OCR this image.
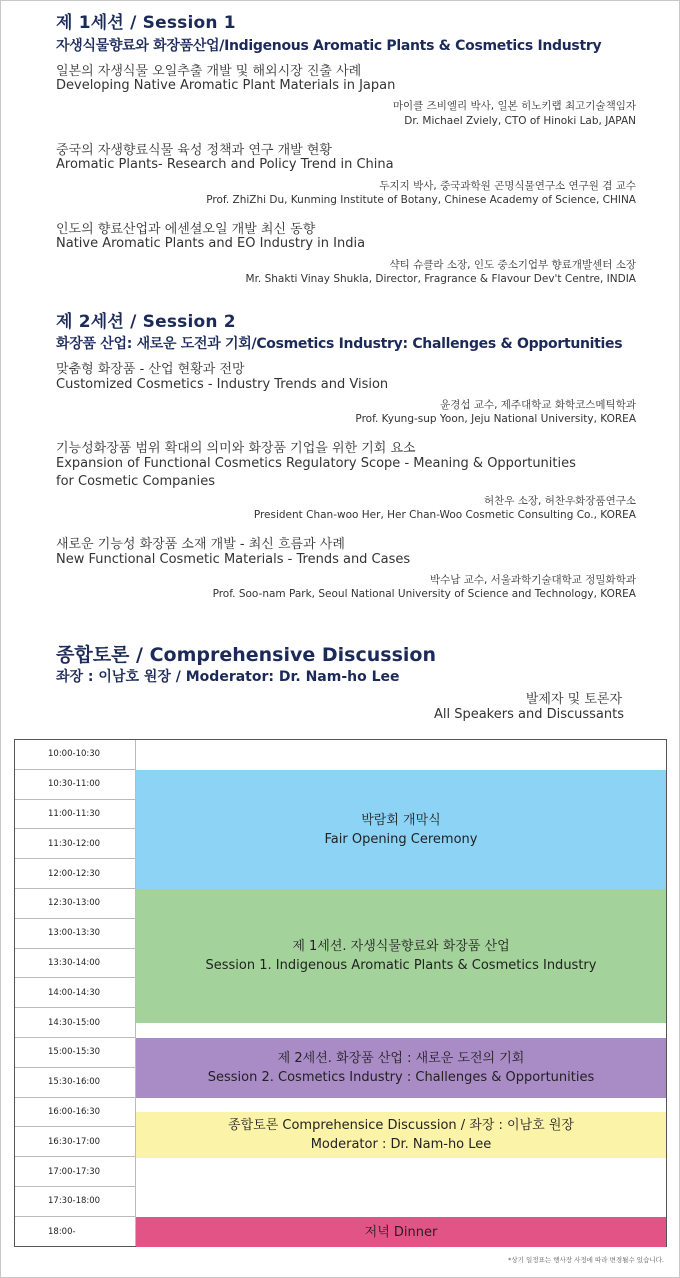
제 1세션 / Session 1
자생식물향료와 화장품산업/Indigenous Aromatic Plants & Cosmetics Industry
일본의 자생식물 오일추출 개발 및 해외시장 진출 사례
Developing Native Aromatic Plant Materials in Japan
마이클 즈비엘리 박사, 일본 히노키랩 최고기술책임자
Dr. Michael Zviely, CTO of Hinoki Lab, JAPAN
중국의 자생향료식물 육성 정책과 연구 개발 현황
Aromatic Plants- Research and Policy Trend in China
두지지 박사, 중국과학원 곤명식물연구소 연구원 겸 교수
Prof. ZhiZhi Du, Kunming Institute of Botany, Chinese Academy of Science, CHINA
인도의 향료산업과 에센셜오일 개발 최신 동향
Native Aromatic Plants and EO Industry in India
샥티 슈클라 소장, 인도 중소기업부 향료개발센터 소장
Mr. Shakti Vinay Shukla, Director, Fragrance & Flavour Dev't Centre, INDIA
제 2세션 / Session 2
화장품 산업: 새로운 도전과 기회/Cosmetics Industry: Challenges & Opportunities
맞춤형 화장품 - 산업 현황과 전망
Customized Cosmetics - Industry Trends and Vision
윤경섭 교수, 제주대학교 화학코스메틱학과
Prof. Kyung-sup Yoon, Jeju National University, KOREA
기능성화장품 범위 확대의 의미와 화장품 기업을 위한 기회 요소
Expansion of Functional Cosmetics Regulatory Scope - Meaning & Opportunities
for Cosmetic Companies
허찬우 소장, 허찬우화장품연구소
President Chan-woo Her, Her Chan-Woo Cosmetic Consulting Co., KOREA
새로운 기능성 화장품 소재 개발 - 최신 흐름과 사례
New Functional Cosmetic Materials - Trends and Cases
박수남 교수, 서울과학기술대학교 정밀화학과
Prof. Soo-nam Park, Seoul National University of Science and Technology, KOREA
종합토론 / Comprehensive Discussion
좌장 : 이남호 원장 / Moderator: Dr. Nam-ho Lee
발제자 및 토론자
All Speakers and Discussants
10:00-10:30
10:30-11:00
11:00-11:30
11:30-12:00
12:00-12:30
12:30-13:00
13:00-13:30
13:30-14:00
14:00-14:30
14:30-15:00
15:00-15:30
15:30-16:00
16:00-16:30
16:30-17:00
17:00-17:30
17:30-18:00
18:00-
박람회 개막식
Fair Opening Ceremony
제 1세션. 자생식물향료와 화장품 산업
Session 1. Indigenous Aromatic Plants & Cosmetics Industry
제 2세션. 화장품 산업 : 새로운 도전의 기회
Session 2. Cosmetics Industry : Challenges & Opportunities
종합토론 Comprehensice Discussion / 좌장 : 이남호 원장
Moderator : Dr. Nam-ho Lee
저녁 Dinner
*상기 일정표는 행사장 사정에 따라 변경될수 있습니다.
